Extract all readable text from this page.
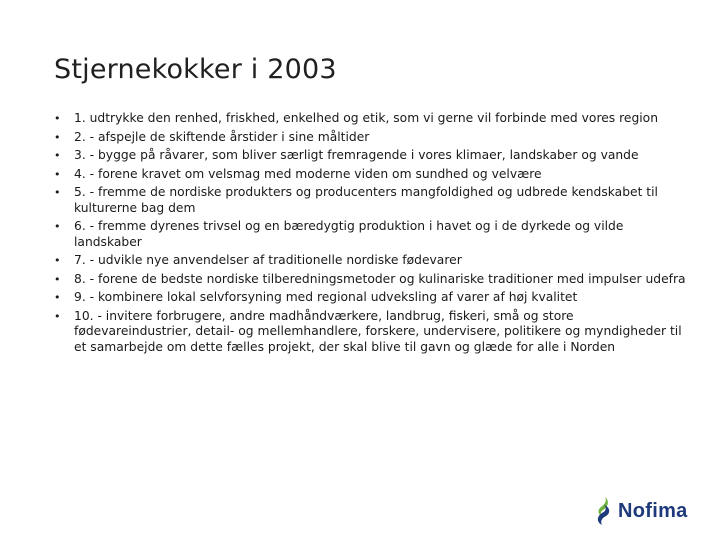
Stjernekokker i 2003
• 1. udtrykke den renhed, friskhed, enkelhed og etik, som vi gerne vil forbinde med vores region
• 2. - afspejle de skiftende årstider i sine måltider
• 3. - bygge på råvarer, som bliver særligt fremragende i vores klimaer, landskaber og vande
• 4. - forene kravet om velsmag med moderne viden om sundhed og velvære
• 5. - fremme de nordiske produkters og producenters mangfoldighed og udbrede kendskabet til kulturerne bag dem
• 6. - fremme dyrenes trivsel og en bæredygtig produktion i havet og i de dyrkede og vilde landskaber
• 7. - udvikle nye anvendelser af traditionelle nordiske fødevarer
• 8. - forene de bedste nordiske tilberedningsmetoder og kulinariske traditioner med impulser udefra
• 9. - kombinere lokal selvforsyning med regional udveksling af varer af høj kvalitet
• 10. - invitere forbrugere, andre madhåndværkere, landbrug, fiskeri, små og store fødevareindustrier, detail- og mellemhandlere, forskere, undervisere, politikere og myndigheder til et samarbejde om dette fælles projekt, der skal blive til gavn og glæde for alle i Norden
Nofima
